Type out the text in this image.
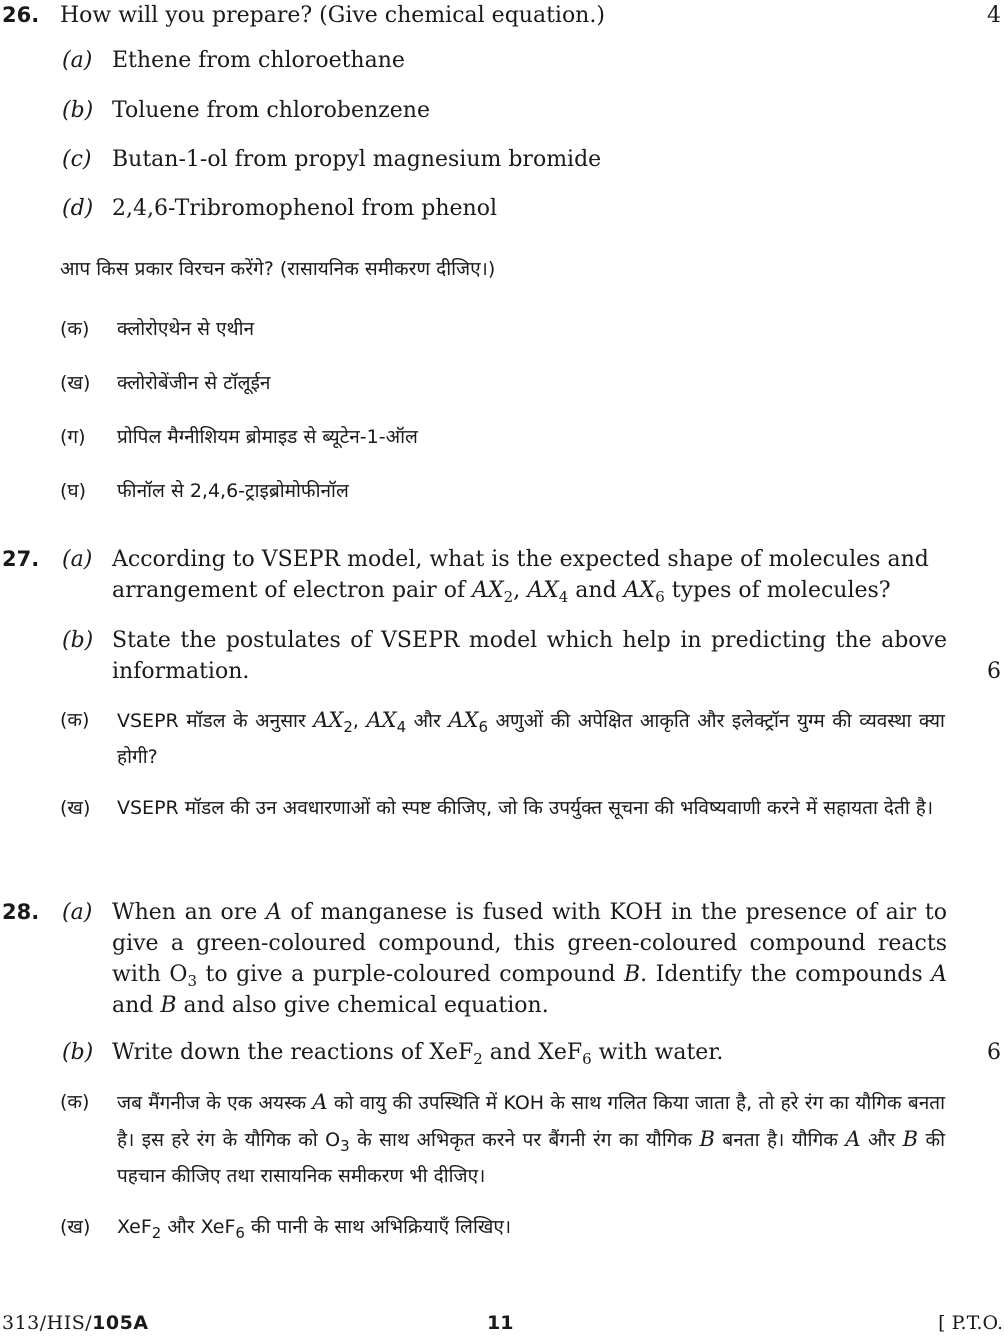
26. How will you prepare? (Give chemical equation.)	4
(a) Ethene from chloroethane
(b) Toluene from chlorobenzene
(c) Butan-1-ol from propyl magnesium bromide
(d) 2,4,6-Tribromophenol from phenol
आप किस प्रकार विरचन करेंगे? (रासायनिक समीकरण दीजिए।)
(क) क्लोरोएथेन से एथीन
(ख) क्लोरोबेंजीन से टॉलूईन
(ग) प्रोपिल मैग्नीशियम ब्रोमाइड से ब्यूटेन-1-ऑल
(घ) फीनॉल से 2,4,6-ट्राइब्रोमोफीनॉल
27. (a) According to VSEPR model, what is the expected shape of molecules and
arrangement of electron pair of $AX_2$, $AX_4$ and $AX_6$ types of molecules?
(b) State the postulates of VSEPR model which help in predicting the above information.	6
(क) VSEPR मॉडल के अनुसार $AX_2$, $AX_4$ और $AX_6$ अणुओं की अपेक्षित आकृति और इलेक्ट्रॉन युग्म की व्यवस्था क्या होगी?
(ख) VSEPR मॉडल की उन अवधारणाओं को स्पष्ट कीजिए, जो कि उपर्युक्त सूचना की भविष्यवाणी करने में सहायता देती है।
28. (a) When an ore A of manganese is fused with KOH in the presence of air to give a green-coloured compound, this green-coloured compound reacts with $O_3$ to give a purple-coloured compound B. Identify the compounds A and B and also give chemical equation.
(b) Write down the reactions of XeF$_2$ and XeF$_6$ with water.	6
(क) जब मैंगनीज के एक अयस्क A को वायु की उपस्थिति में KOH के साथ गलित किया जाता है, तो हरे रंग का यौगिक बनता है। इस हरे रंग के यौगिक को $O_3$ के साथ अभिकृत करने पर बैंगनी रंग का यौगिक B बनता है। यौगिक A और B की पहचान कीजिए तथा रासायनिक समीकरण भी दीजिए।
(ख) XeF$_2$ और XeF$_6$ की पानी के साथ अभिक्रियाएँ लिखिए।
313/HIS/105A	11	[ P.T.O.
